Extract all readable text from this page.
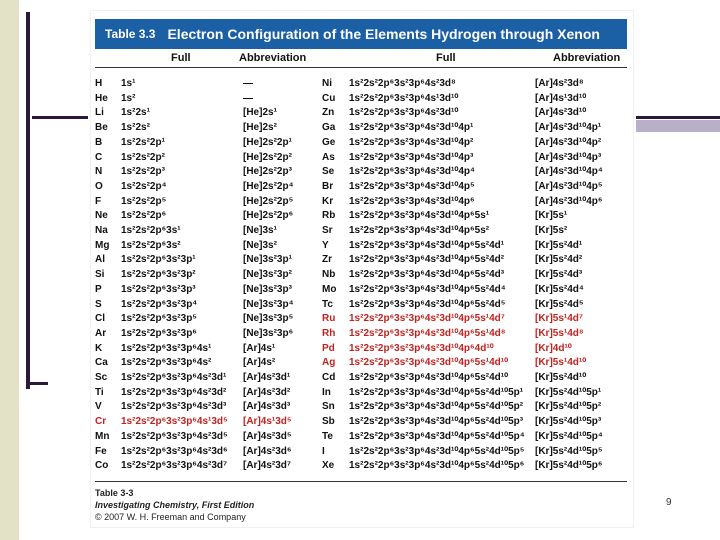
Table 3.3 Electron Configuration of the Elements Hydrogen through Xenon
Full	Abbreviation	Full	Abbreviation
H	1s¹	—	Ni	1s²2s²2p⁶3s²3p⁶4s²3d⁸	[Ar]4s²3d⁸
He	1s²	—	Cu	1s²2s²2p⁶3s²3p⁶4s¹3d¹⁰	[Ar]4s¹3d¹⁰
Li	1s²2s¹	[He]2s¹	Zn	1s²2s²2p⁶3s²3p⁶4s²3d¹⁰	[Ar]4s²3d¹⁰
Be	1s²2s²	[He]2s²	Ga	1s²2s²2p⁶3s²3p⁶4s²3d¹⁰4p¹	[Ar]4s²3d¹⁰4p¹
B	1s²2s²2p¹	[He]2s²2p¹	Ge	1s²2s²2p⁶3s²3p⁶4s²3d¹⁰4p²	[Ar]4s²3d¹⁰4p²
C	1s²2s²2p²	[He]2s²2p²	As	1s²2s²2p⁶3s²3p⁶4s²3d¹⁰4p³	[Ar]4s²3d¹⁰4p³
N	1s²2s²2p³	[He]2s²2p³	Se	1s²2s²2p⁶3s²3p⁶4s²3d¹⁰4p⁴	[Ar]4s²3d¹⁰4p⁴
O	1s²2s²2p⁴	[He]2s²2p⁴	Br	1s²2s²2p⁶3s²3p⁶4s²3d¹⁰4p⁵	[Ar]4s²3d¹⁰4p⁵
F	1s²2s²2p⁵	[He]2s²2p⁵	Kr	1s²2s²2p⁶3s²3p⁶4s²3d¹⁰4p⁶	[Ar]4s²3d¹⁰4p⁶
Ne	1s²2s²2p⁶	[He]2s²2p⁶	Rb	1s²2s²2p⁶3s²3p⁶4s²3d¹⁰4p⁶5s¹	[Kr]5s¹
Na	1s²2s²2p⁶3s¹	[Ne]3s¹	Sr	1s²2s²2p⁶3s²3p⁶4s²3d¹⁰4p⁶5s²	[Kr]5s²
Mg	1s²2s²2p⁶3s²	[Ne]3s²	Y	1s²2s²2p⁶3s²3p⁶4s²3d¹⁰4p⁶5s²4d¹	[Kr]5s²4d¹
Al	1s²2s²2p⁶3s²3p¹	[Ne]3s²3p¹	Zr	1s²2s²2p⁶3s²3p⁶4s²3d¹⁰4p⁶5s²4d²	[Kr]5s²4d²
Si	1s²2s²2p⁶3s²3p²	[Ne]3s²3p²	Nb	1s²2s²2p⁶3s²3p⁶4s²3d¹⁰4p⁶5s²4d³	[Kr]5s²4d³
P	1s²2s²2p⁶3s²3p³	[Ne]3s²3p³	Mo	1s²2s²2p⁶3s²3p⁶4s²3d¹⁰4p⁶5s²4d⁴	[Kr]5s²4d⁴
S	1s²2s²2p⁶3s²3p⁴	[Ne]3s²3p⁴	Tc	1s²2s²2p⁶3s²3p⁶4s²3d¹⁰4p⁶5s²4d⁵	[Kr]5s²4d⁵
Cl	1s²2s²2p⁶3s²3p⁵	[Ne]3s²3p⁵	Ru	1s²2s²2p⁶3s²3p⁶4s²3d¹⁰4p⁶5s¹4d⁷	[Kr]5s¹4d⁷
Ar	1s²2s²2p⁶3s²3p⁶	[Ne]3s²3p⁶	Rh	1s²2s²2p⁶3s²3p⁶4s²3d¹⁰4p⁶5s¹4d⁸	[Kr]5s¹4d⁸
K	1s²2s²2p⁶3s²3p⁶4s¹	[Ar]4s¹	Pd	1s²2s²2p⁶3s²3p⁶4s²3d¹⁰4p⁶4d¹⁰	[Kr]4d¹⁰
Ca	1s²2s²2p⁶3s²3p⁶4s²	[Ar]4s²	Ag	1s²2s²2p⁶3s²3p⁶4s²3d¹⁰4p⁶5s¹4d¹⁰	[Kr]5s¹4d¹⁰
Sc	1s²2s²2p⁶3s²3p⁶4s²3d¹	[Ar]4s²3d¹	Cd	1s²2s²2p⁶3s²3p⁶4s²3d¹⁰4p⁶5s²4d¹⁰	[Kr]5s²4d¹⁰
Ti	1s²2s²2p⁶3s²3p⁶4s²3d²	[Ar]4s²3d²	In	1s²2s²2p⁶3s²3p⁶4s²3d¹⁰4p⁶5s²4d¹⁰5p¹	[Kr]5s²4d¹⁰5p¹
V	1s²2s²2p⁶3s²3p⁶4s²3d³	[Ar]4s²3d³	Sn	1s²2s²2p⁶3s²3p⁶4s²3d¹⁰4p⁶5s²4d¹⁰5p²	[Kr]5s²4d¹⁰5p²
Cr	1s²2s²2p⁶3s²3p⁶4s¹3d⁵	[Ar]4s¹3d⁵	Sb	1s²2s²2p⁶3s²3p⁶4s²3d¹⁰4p⁶5s²4d¹⁰5p³	[Kr]5s²4d¹⁰5p³
Mn	1s²2s²2p⁶3s²3p⁶4s²3d⁵	[Ar]4s²3d⁵	Te	1s²2s²2p⁶3s²3p⁶4s²3d¹⁰4p⁶5s²4d¹⁰5p⁴	[Kr]5s²4d¹⁰5p⁴
Fe	1s²2s²2p⁶3s²3p⁶4s²3d⁶	[Ar]4s²3d⁶	I	1s²2s²2p⁶3s²3p⁶4s²3d¹⁰4p⁶5s²4d¹⁰5p⁵	[Kr]5s²4d¹⁰5p⁵
Co	1s²2s²2p⁶3s²3p⁶4s²3d⁷	[Ar]4s²3d⁷	Xe	1s²2s²2p⁶3s²3p⁶4s²3d¹⁰4p⁶5s²4d¹⁰5p⁶	[Kr]5s²4d¹⁰5p⁶
Table 3-3
Investigating Chemistry, First Edition
© 2007 W. H. Freeman and Company
9
